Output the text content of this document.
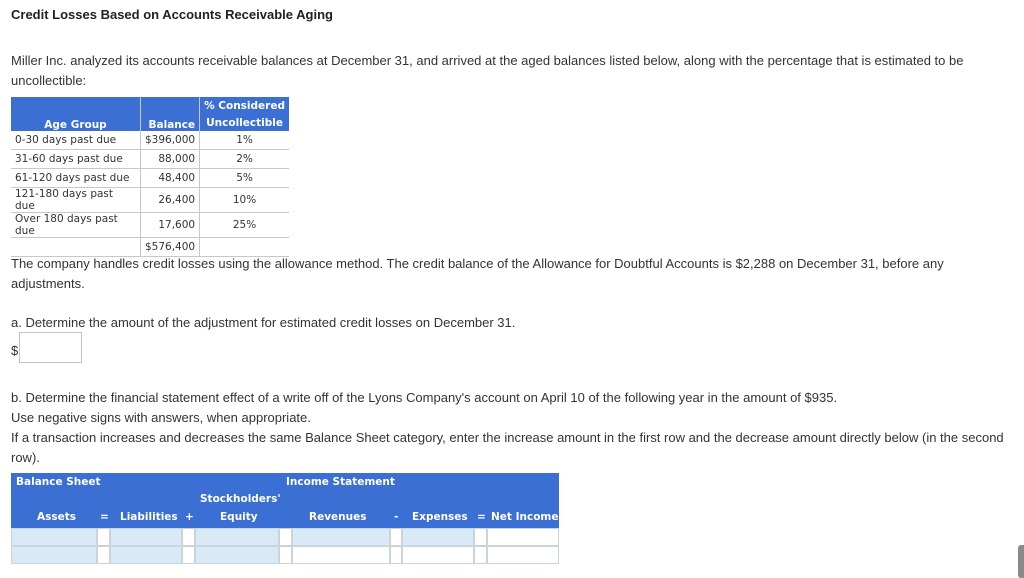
Credit Losses Based on Accounts Receivable Aging
Miller Inc. analyzed its accounts receivable balances at December 31, and arrived at the aged balances listed below, along with the percentage that is estimated to be uncollectible:
Age Group	Balance	% Considered
		Uncollectible
0-30 days past due	$396,000	1%
31-60 days past due	88,000	2%
61-120 days past due	48,400	5%
121-180 days past due	26,400	10%
Over 180 days past due	17,600	25%
	$576,400	
The company handles credit losses using the allowance method. The credit balance of the Allowance for Doubtful Accounts is $2,288 on December 31, before any adjustments.
a. Determine the amount of the adjustment for estimated credit losses on December 31.
$
b. Determine the financial statement effect of a write off of the Lyons Company's account on April 10 of the following year in the amount of $935.
Use negative signs with answers, when appropriate.
If a transaction increases and decreases the same Balance Sheet category, enter the increase amount in the first row and the decrease amount directly below (in the second row).
Balance Sheet	Income Statement
Stockholders'
Assets = Liabilities + Equity	Revenues	- Expenses = Net Income
